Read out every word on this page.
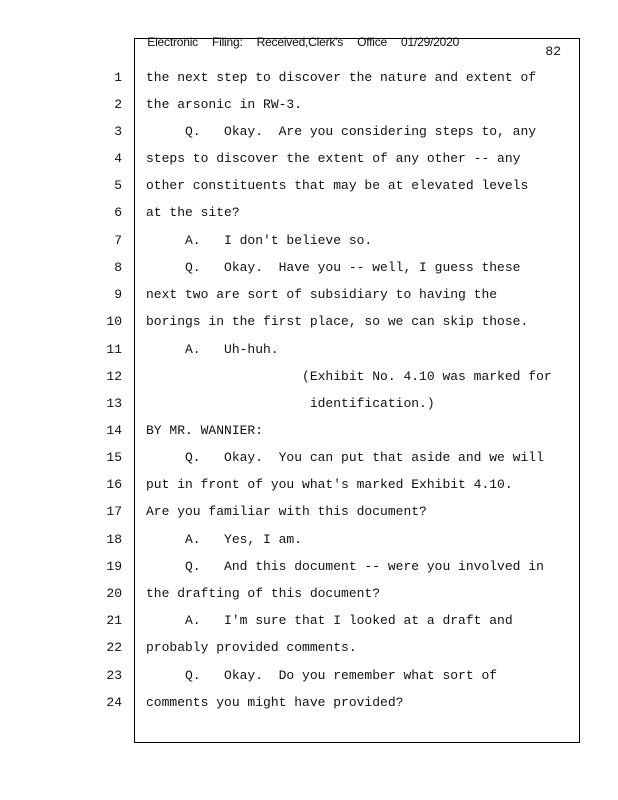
Electronic Filing: Received,Clerk's Office 01/29/2020

82
1 the next step to discover the nature and extent of
2 the arsonic in RW-3.
3 Q.   Okay.  Are you considering steps to, any
4 steps to discover the extent of any other -- any
5 other constituents that may be at elevated levels
6 at the site?
7 A.   I don't believe so.
8 Q.   Okay.  Have you -- well, I guess these
9 next two are sort of subsidiary to having the
10 borings in the first place, so we can skip those.
11 A.   Uh-huh.
12 (Exhibit No. 4.10 was marked for
13 identification.)
14 BY MR. WANNIER:
15 Q.   Okay.  You can put that aside and we will
16 put in front of you what's marked Exhibit 4.10.
17 Are you familiar with this document?
18 A.   Yes, I am.
19 Q.   And this document -- were you involved in
20 the drafting of this document?
21 A.   I'm sure that I looked at a draft and
22 probably provided comments.
23 Q.   Okay.  Do you remember what sort of
24 comments you might have provided?
